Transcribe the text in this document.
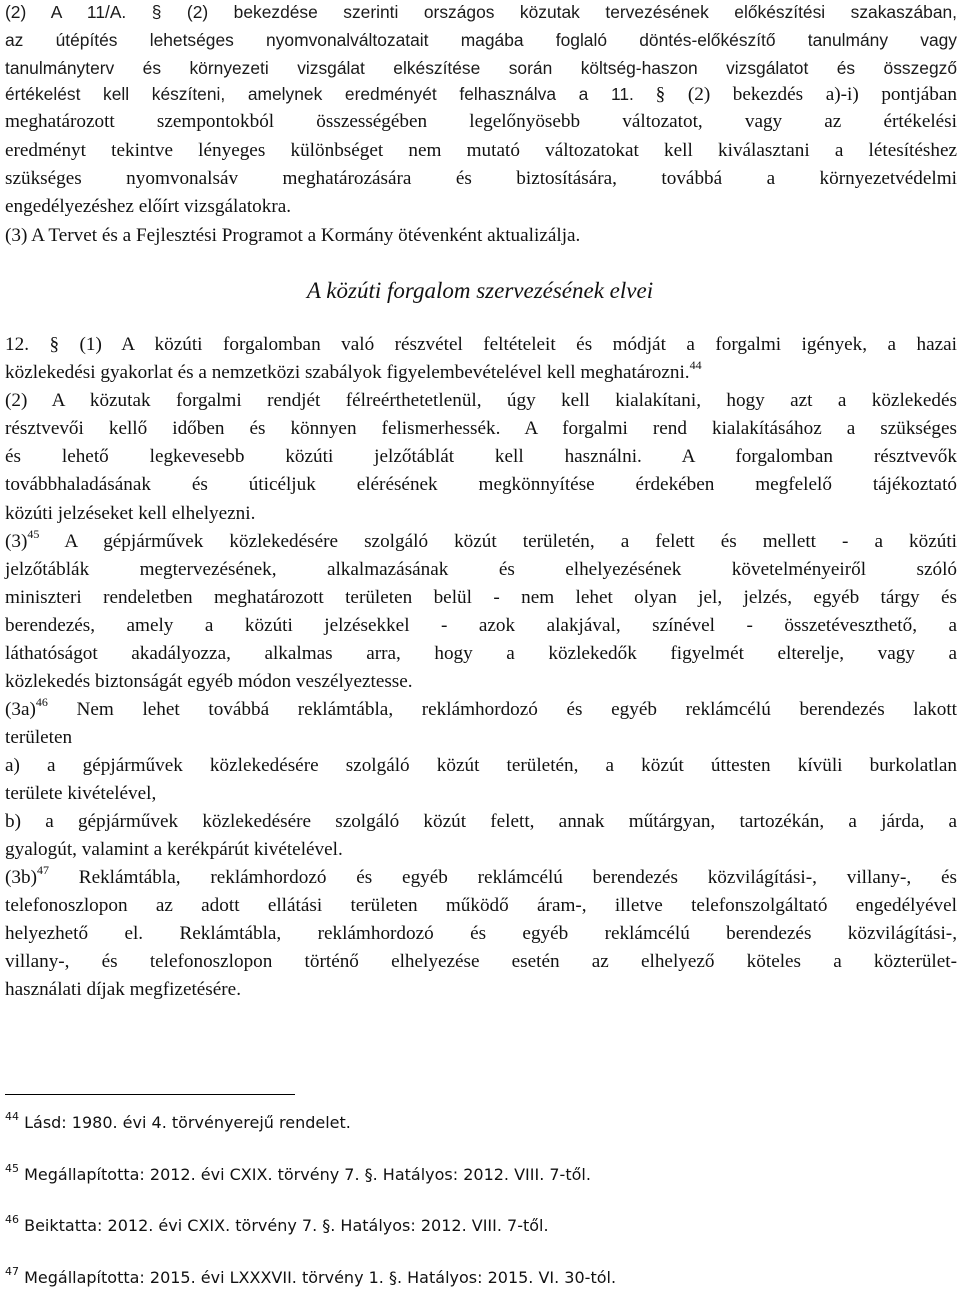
(2) A 11/A. § (2) bekezdése szerinti országos közutak tervezésének előkészítési szakaszában,

az útépítés lehetséges nyomvonalváltozatait magába foglaló döntés-előkészítő tanulmány vagy

tanulmányterv és környezeti vizsgálat elkészítése során költség-haszon vizsgálatot és összegző

értékelést kell készíteni, amelynek eredményét felhasználva a 11. § (2) bekezdés a)-i) pontjában

meghatározott szempontokból összességében legelőnyösebb változatot, vagy az értékelési

eredményt tekintve lényeges különbséget nem mutató változatokat kell kiválasztani a létesítéshez

szükséges nyomvonalsáv meghatározására és biztosítására, továbbá a környezetvédelmi

engedélyezéshez előírt vizsgálatokra.

(3) A Tervet és a Fejlesztési Programot a Kormány ötévenként aktualizálja.

A közúti forgalom szervezésének elvei

12. § (1) A közúti forgalomban való részvétel feltételeit és módját a forgalmi igények, a hazai

közlekedési gyakorlat és a nemzetközi szabályok figyelembevételével kell meghatározni.$^{44}$

(2) A közutak forgalmi rendjét félreérthetetlenül, úgy kell kialakítani, hogy azt a közlekedés

résztvevői kellő időben és könnyen felismerhessék. A forgalmi rend kialakításához a szükséges

és lehető legkevesebb közúti jelzőtáblát kell használni. A forgalomban résztvevők

továbbhaladásának és úticéljuk elérésének megkönnyítése érdekében megfelelő tájékoztató

közúti jelzéseket kell elhelyezni.

$(3)^{45}$ A gépjárművek közlekedésére szolgáló közút területén, a felett és mellett - a közúti

jelzőtáblák megtervezésének, alkalmazásának és elhelyezésének követelményeiről szóló

miniszteri rendeletben meghatározott területen belül - nem lehet olyan jel, jelzés, egyéb tárgy és

berendezés, amely a közúti jelzésekkel - azok alakjával, színével - összetéveszthető, a

láthatóságot akadályozza, alkalmas arra, hogy a közlekedők figyelmét elterelje, vagy a

közlekedés biztonságát egyéb módon veszélyeztesse.

$(3a)^{46}$ Nem lehet továbbá reklámtábla, reklámhordozó és egyéb reklámcélú berendezés lakott

területen

a) a gépjárművek közlekedésére szolgáló közút területén, a közút úttesten kívüli burkolatlan

területe kivételével,

b) a gépjárművek közlekedésére szolgáló közút felett, annak műtárgyan, tartozékán, a járda, a

gyalogút, valamint a kerékpárút kivételével.

$(3b)^{47}$ Reklámtábla, reklámhordozó és egyéb reklámcélú berendezés közvilágítási-, villany-, és

telefonoszlopon az adott ellátási területen működő áram-, illetve telefonszolgáltató engedélyével

helyezhető el. Reklámtábla, reklámhordozó és egyéb reklámcélú berendezés közvilágítási-,

villany-, és telefonoszlopon történő elhelyezése esetén az elhelyező köteles a közterület-

használati díjak megfizetésére.

$^{44}$ Lásd: 1980. évi 4. törvényerejű rendelet.

$^{45}$ Megállapította: 2012. évi CXIX. törvény 7. §. Hatályos: 2012. VIII. 7-től.

$^{46}$ Beiktatta: 2012. évi CXIX. törvény 7. §. Hatályos: 2012. VIII. 7-től.

$^{47}$ Megállapította: 2015. évi LXXXVII. törvény 1. §. Hatályos: 2015. VI. 30-tól.
